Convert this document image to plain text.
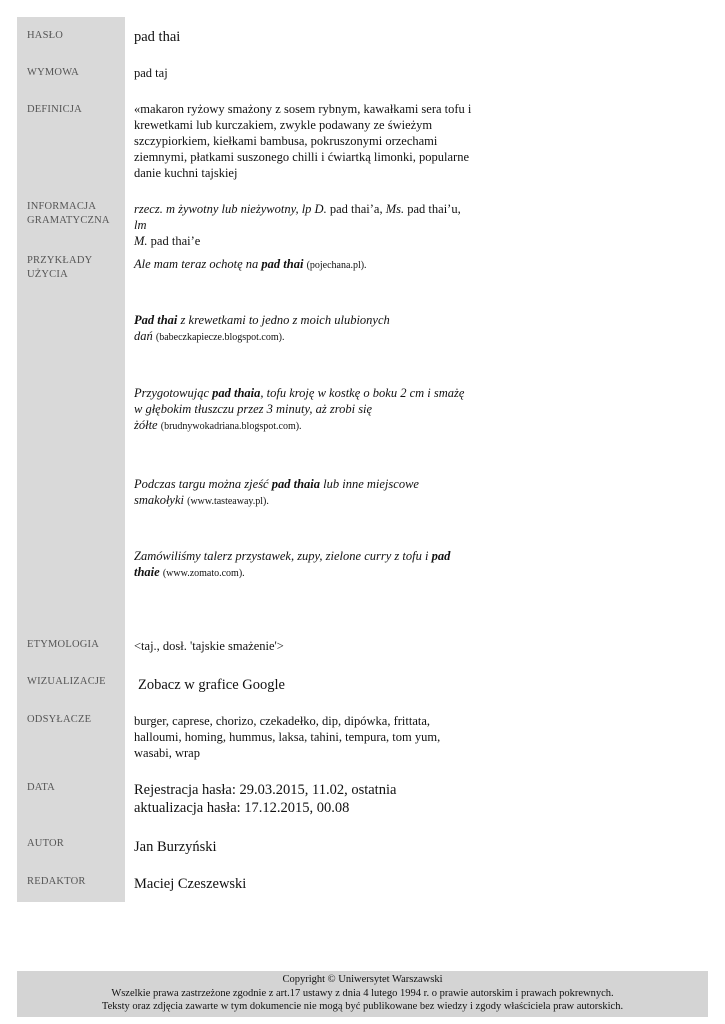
HASŁO
WYMOWA
DEFINICJA
INFORMACJA
GRAMATYCZNA
PRZYKŁADY
UŻYCIA
ETYMOLOGIA
WIZUALIZACJE
ODSYŁACZE
DATA
AUTOR
REDAKTOR
pad thai
pad taj
«makaron ryżowy smażony z sosem rybnym, kawałkami sera tofu i
krewetkami lub kurczakiem, zwykle podawany ze świeżym
szczypiorkiem, kiełkami bambusa, pokruszonymi orzechami
ziemnymi, płatkami suszonego chilli i ćwiartką limonki, popularne
danie kuchni tajskiej
rzecz. m żywotny lub nieżywotny, lp D. pad thai’a, Ms. pad thai’u, lm
M. pad thai’e
Ale mam teraz ochotę na pad thai (pojechana.pl).
Pad thai z krewetkami to jedno z moich ulubionych
dań (babeczkapiecze.blogspot.com).
Przygotowując pad thaia, tofu kroję w kostkę o boku 2 cm i smażę
w głębokim tłuszczu przez 3 minuty, aż zrobi się
żółte (brudnywokadriana.blogspot.com).
Podczas targu można zjeść pad thaia lub inne miejscowe
smakołyki (www.tasteaway.pl).
Zamówiliśmy talerz przystawek, zupy, zielone curry z tofu i pad
thaie (www.zomato.com).
<taj., dosł. 'tajskie smażenie'>
Zobacz w grafice Google
burger, caprese, chorizo, czekadełko, dip, dipówka, frittata,
halloumi, homing, hummus, laksa, tahini, tempura, tom yum,
wasabi, wrap
Rejestracja hasła: 29.03.2015, 11.02, ostatnia
aktualizacja hasła: 17.12.2015, 00.08
Jan Burzyński
Maciej Czeszewski
Copyright © Uniwersytet Warszawski
Wszelkie prawa zastrzeżone zgodnie z art.17 ustawy z dnia 4 lutego 1994 r. o prawie autorskim i prawach pokrewnych.
Teksty oraz zdjęcia zawarte w tym dokumencie nie mogą być publikowane bez wiedzy i zgody właściciela praw autorskich.
